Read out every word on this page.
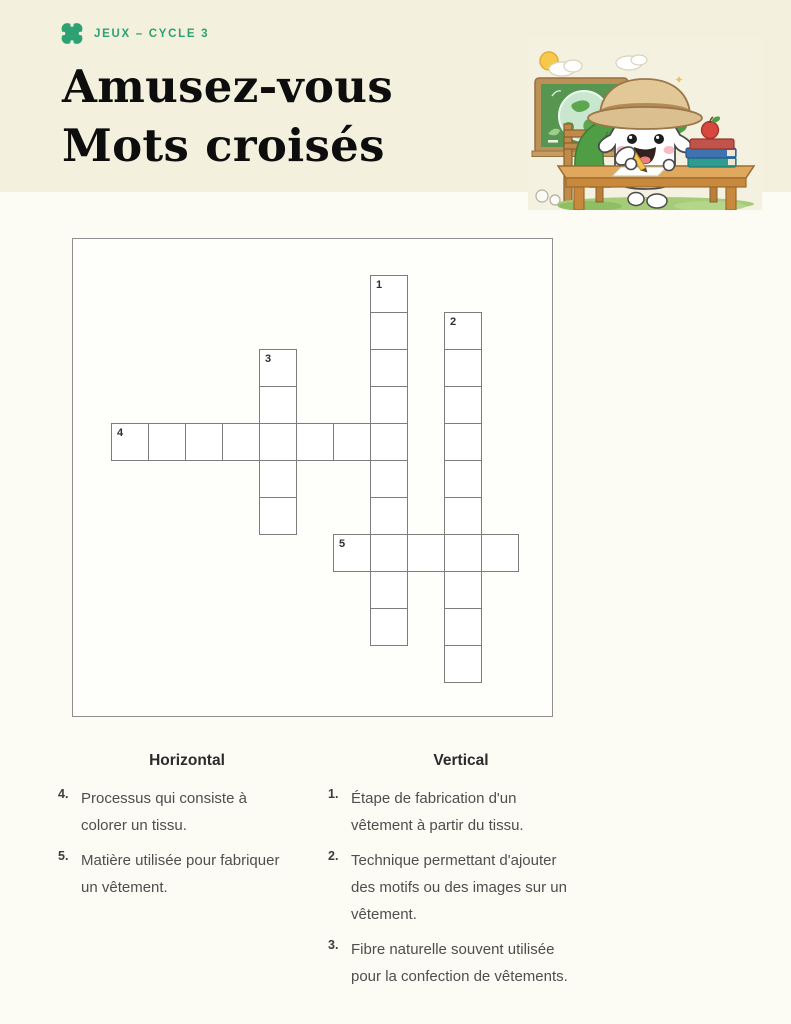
JEUX – CYCLE 3
Amusez-vous
Mots croisés
1
2
3
4
5
Horizontal
4. Processus qui consiste à colorer un tissu.
5. Matière utilisée pour fabriquer un vêtement.
Vertical
1. Étape de fabrication d'un vêtement à partir du tissu.
2. Technique permettant d'ajouter des motifs ou des images sur un vêtement.
3. Fibre naturelle souvent utilisée pour la confection de vêtements.
